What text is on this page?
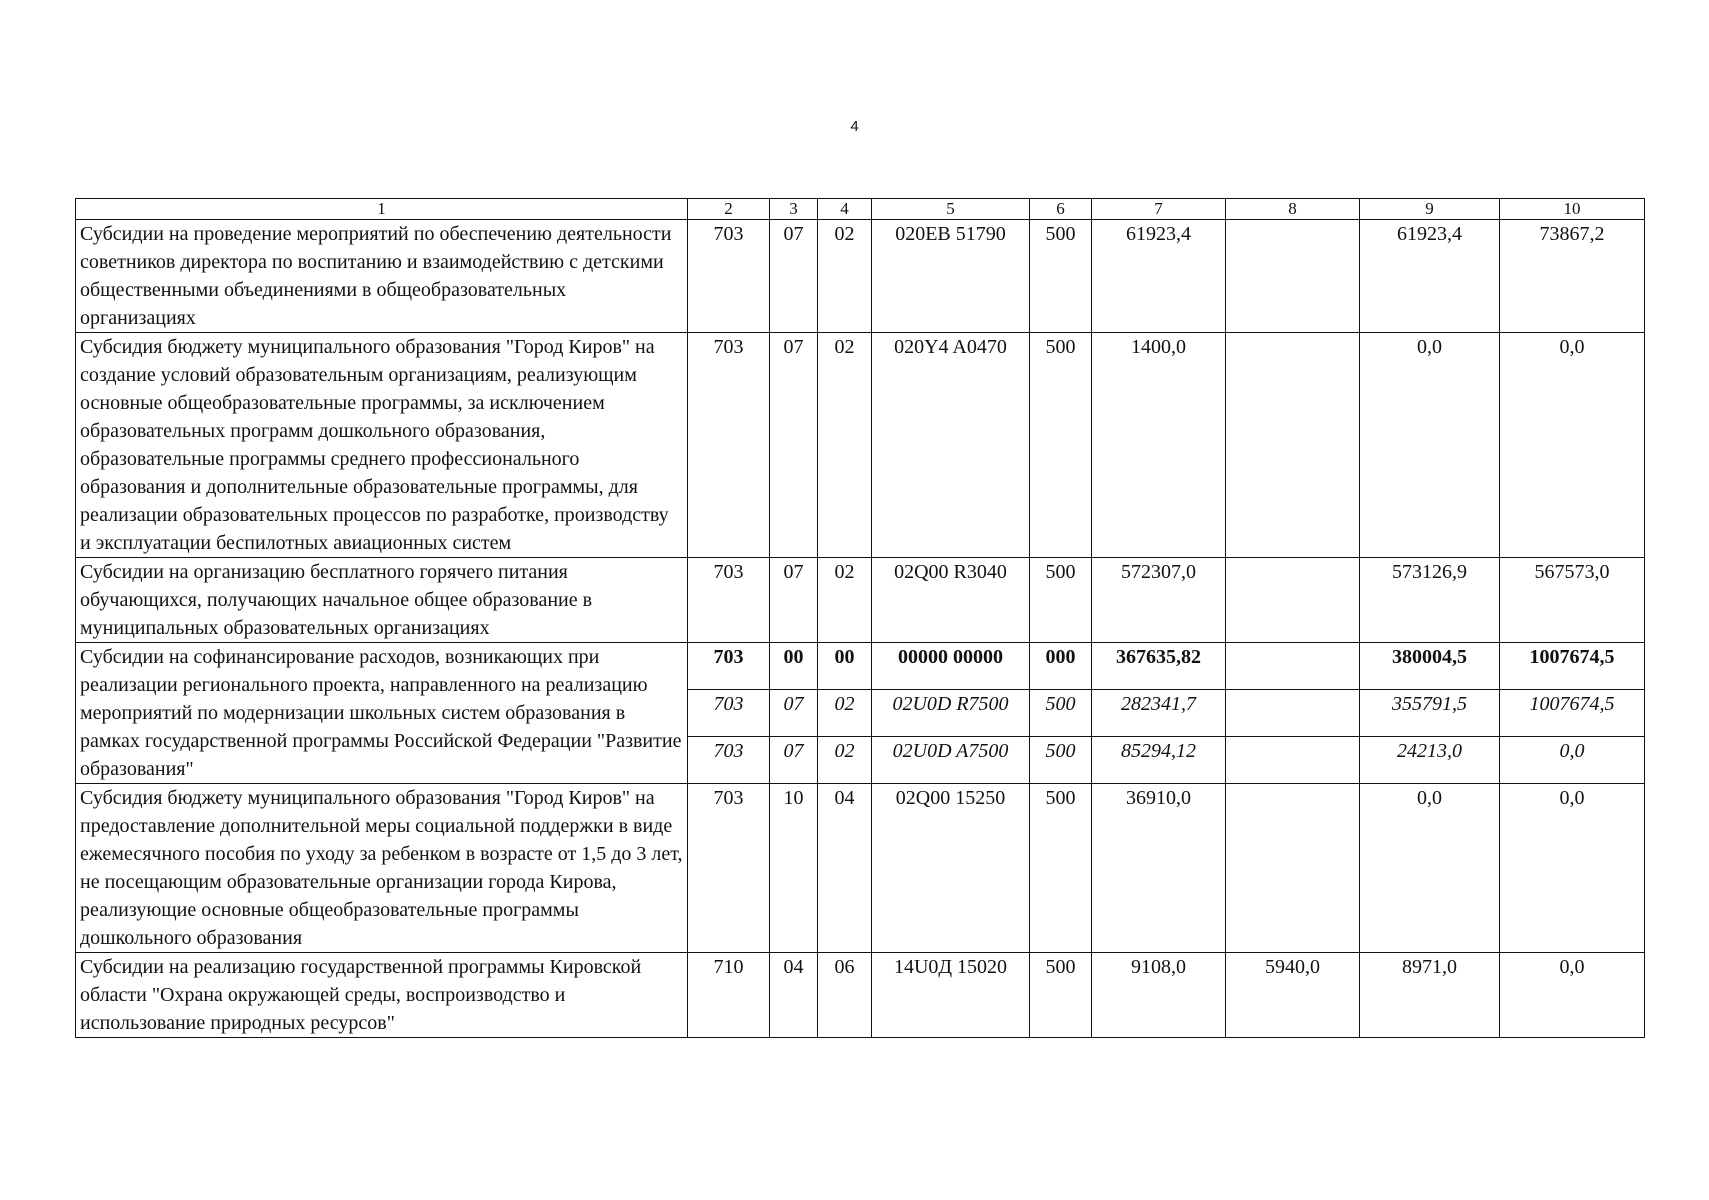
4
1	2	3	4	5	6	7	8	9	10
Субсидии на проведение мероприятий по обеспечению деятельности советников директора по воспитанию и взаимодействию с детскими общественными объединениями в общеобразовательных организациях	703	07	02	020EВ 51790	500	61923,4		61923,4	73867,2
Субсидия бюджету муниципального образования "Город Киров" на создание условий образовательным организациям, реализующим основные общеобразовательные программы, за исключением образовательных программ дошкольного образования, образовательные программы среднего профессионального образования и дополнительные образовательные программы, для реализации образовательных процессов по разработке, производству и эксплуатации беспилотных авиационных систем	703	07	02	020Y4 A0470	500	1400,0		0,0	0,0
Субсидии на организацию бесплатного горячего питания обучающихся, получающих начальное общее образование в муниципальных образовательных организациях	703	07	02	02Q00 R3040	500	572307,0		573126,9	567573,0
Субсидии на софинансирование расходов, возникающих при реализации регионального проекта, направленного на реализацию мероприятий по модернизации школьных систем образования в рамках государственной программы Российской Федерации "Развитие образования"	703	00	00	00000 00000	000	367635,82		380004,5	1007674,5
	703	07	02	02U0D R7500	500	282341,7		355791,5	1007674,5
	703	07	02	02U0D A7500	500	85294,12		24213,0	0,0
Субсидия бюджету муниципального образования "Город Киров" на предоставление дополнительной меры социальной поддержки в виде ежемесячного пособия по уходу за ребенком в возрасте от 1,5 до 3 лет, не посещающим образовательные организации города Кирова, реализующие основные общеобразовательные программы дошкольного образования	703	10	04	02Q00 15250	500	36910,0		0,0	0,0
Субсидии на реализацию государственной программы Кировской области "Охрана окружающей среды, воспроизводство и использование природных ресурсов"	710	04	06	14U0Д 15020	500	9108,0	5940,0	8971,0	0,0
